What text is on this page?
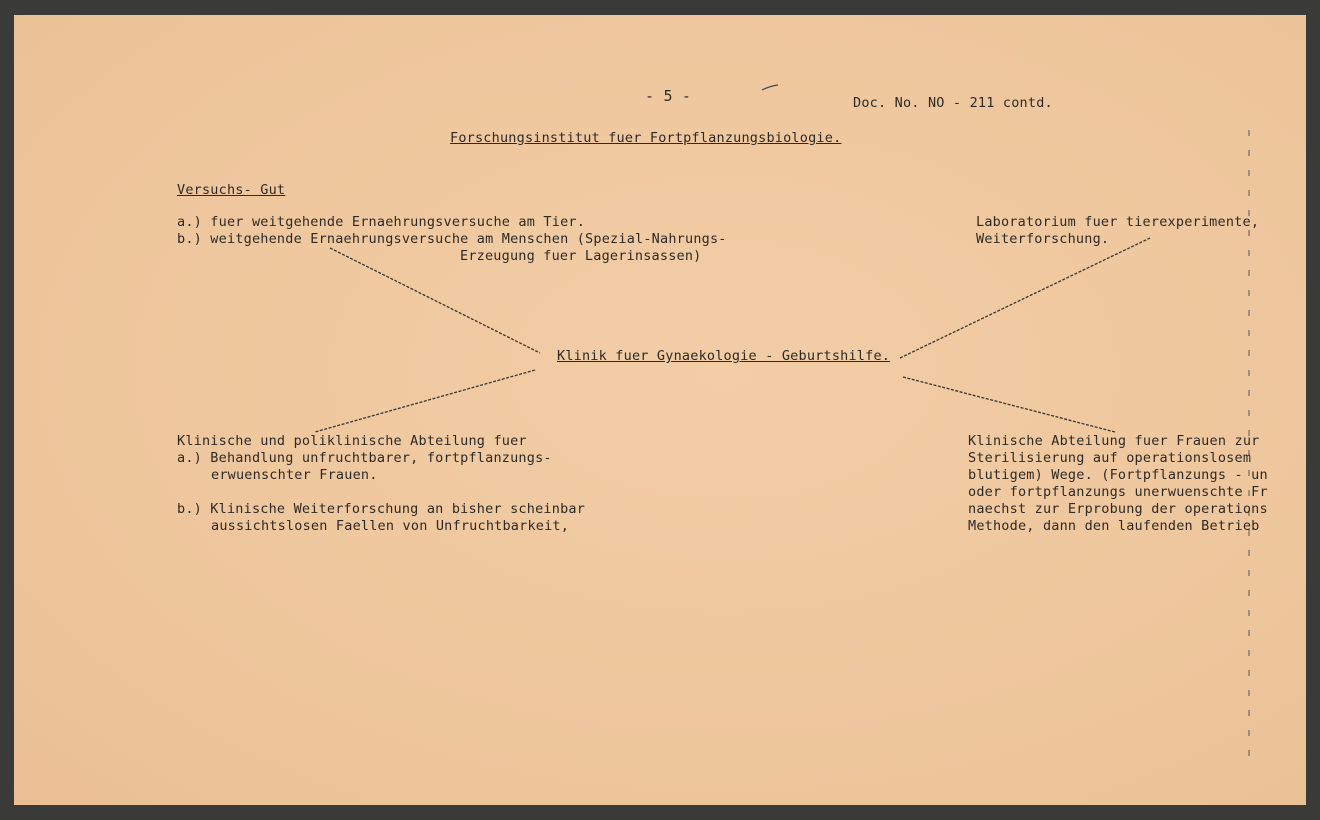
- 5 -	Doc. No. NO - 211 contd.
Forschungsinstitut fuer Fortpflanzungsbiologie.
Versuchs- Gut
a.) fuer weitgehende Ernaehrungsversuche am Tier.
b.) weitgehende Ernaehrungsversuche am Menschen (Spezial-Nahrungs-
Erzeugung fuer Lagerinsassen)
Laboratorium fuer tierexperimente,
Weiterforschung.
Klinik fuer Gynaekologie - Geburtshilfe.
Klinische und poliklinische Abteilung fuer
a.) Behandlung unfruchtbarer, fortpflanzungs-
erwuenschter Frauen.
b.) Klinische Weiterforschung an bisher scheinbar
aussichtslosen Faellen von Unfruchtbarkeit,
Klinische Abteilung fuer Frauen zur
Sterilisierung auf operationslosem
blutigem) Wege. (Fortpflanzungs - un
oder fortpflanzungs unerwuenschte Fr
naechst zur Erprobung der operations
Methode, dann den laufenden Betrieb
